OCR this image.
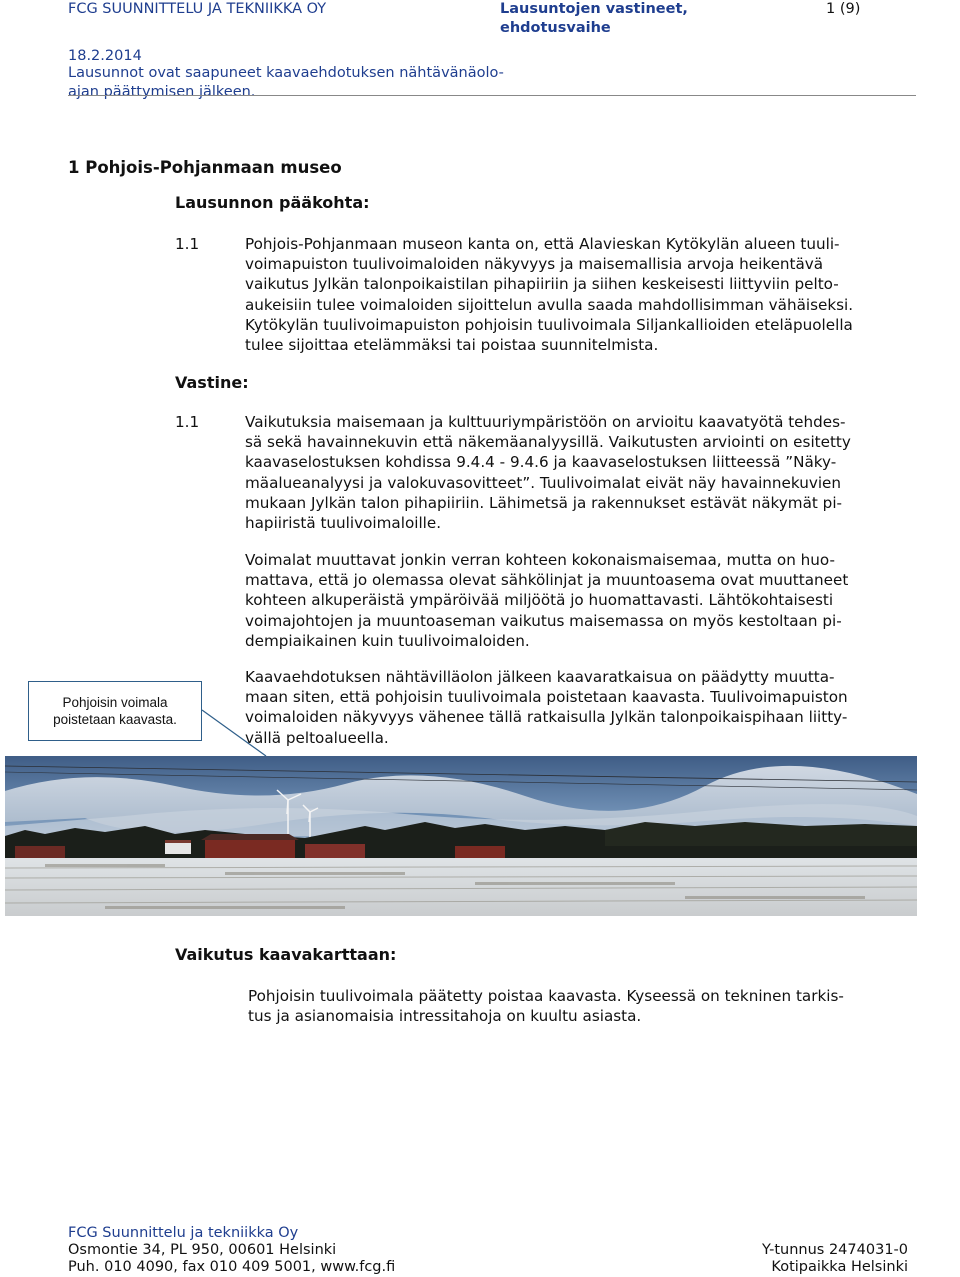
FCG SUUNNITTELU JA TEKNIIKKA OY	Lausuntojen vastineet,
ehdotusvaihe
1 (9)
18.2.2014
Lausunnot ovat saapuneet kaavaehdotuksen nähtävänäolo-
ajan päättymisen jälkeen.
1 Pohjois-Pohjanmaan museo
Lausunnon pääkohta:
1.1	Pohjois-Pohjanmaan museon kanta on, että Alavieskan Kytökylän alueen tuuli-
voimapuiston tuulivoimaloiden näkyvyys ja maisemallisia arvoja heikentävä
vaikutus Jylkän talonpoikaistilan pihapiiriin ja siihen keskeisesti liittyviin pelto-
aukeisiin tulee voimaloiden sijoittelun avulla saada mahdollisimman vähäiseksi.
Kytökylän tuulivoimapuiston pohjoisin tuulivoimala Siljankallioiden eteläpuolella
tulee sijoittaa etelämmäksi tai poistaa suunnitelmista.
Vastine:
1.1	Vaikutuksia maisemaan ja kulttuuriympäristöön on arvioitu kaavatyötä tehdes-
sä sekä havainnekuvin että näkemäanalyysillä. Vaikutusten arviointi on esitetty
kaavaselostuksen kohdissa 9.4.4 - 9.4.6 ja kaavaselostuksen liitteessä ”Näky-
mäalueanalyysi ja valokuvasovitteet”. Tuulivoimalat eivät näy havainnekuvien
mukaan Jylkän talon pihapiiriin. Lähimetsä ja rakennukset estävät näkymät pi-
hapiiristä tuulivoimaloille.
Voimalat muuttavat jonkin verran kohteen kokonaismaisemaa, mutta on huo-
mattava, että jo olemassa olevat sähkölinjat ja muuntoasema ovat muuttaneet
kohteen alkuperäistä ympäröivää miljöötä jo huomattavasti. Lähtökohtaisesti
voimajohtojen ja muuntoaseman vaikutus maisemassa on myös kestoltaan pi-
dempiaikainen kuin tuulivoimaloiden.
Kaavaehdotuksen nähtävilläolon jälkeen kaavaratkaisua on päädytty muutta-
maan siten, että pohjoisin tuulivoimala poistetaan kaavasta. Tuulivoimapuiston
voimaloiden näkyvyys vähenee tällä ratkaisulla Jylkän talonpoikaispihaan liitty-
vällä peltoalueella.
Pohjoisin voimala
poistetaan kaavasta.
Vaikutus kaavakarttaan:
Pohjoisin tuulivoimala päätetty poistaa kaavasta. Kyseessä on tekninen tarkis-
tus ja asianomaisia intressitahoja on kuultu asiasta.
FCG Suunnittelu ja tekniikka Oy
Osmontie 34, PL 950, 00601 Helsinki
Puh. 010 4090, fax 010 409 5001, www.fcg.fi
Y-tunnus 2474031-0
Kotipaikka Helsinki
